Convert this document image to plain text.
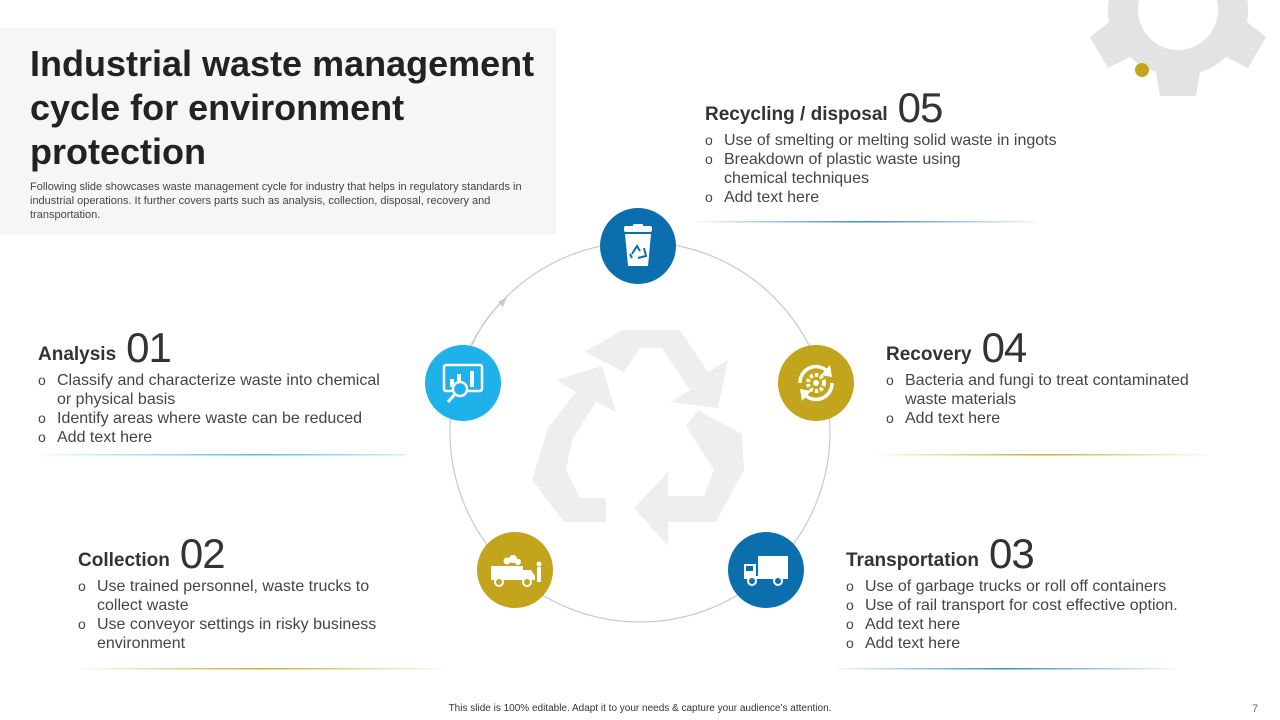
Industrial waste management cycle for environment protection
Following slide showcases waste management cycle for industry that helps in regulatory standards in industrial operations. It further covers parts such as analysis, collection, disposal, recovery and transportation.
Recycling / disposal 05
o Use of smelting or melting solid waste in ingots
o Breakdown of plastic waste using chemical techniques
o Add text here
Analysis 01
o Classify and characterize waste into chemical or physical basis
o Identify areas where waste can be reduced
o Add text here
Recovery 04
o Bacteria and fungi to treat contaminated waste materials
o Add text here
Collection 02
o Use trained personnel, waste trucks to collect waste
o Use conveyor settings in risky business environment
Transportation 03
o Use of garbage trucks or roll off containers
o Use of rail transport for cost effective option.
o Add text here
o Add text here
This slide is 100% editable. Adapt it to your needs & capture your audience’s attention.	7
